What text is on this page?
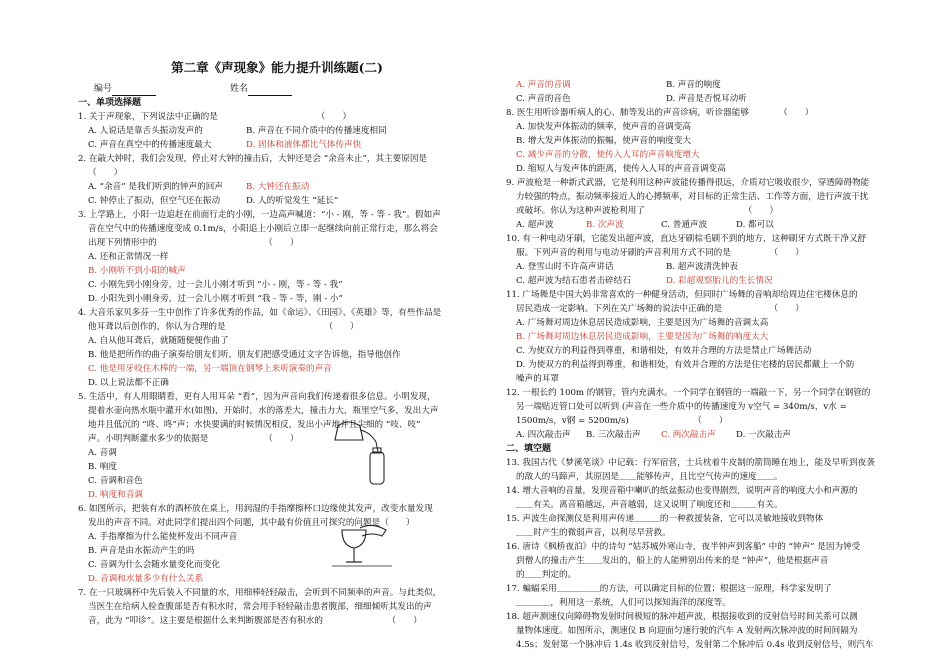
第二章《声现象》能力提升训练题(二)
编号	姓名
一、单项选择题
1. 关于声现象，下列说法中正确的是　　　　　　　　　　　　（　　）
A. 人说话是靠舌头振动发声的	B. 声音在不同介质中的传播速度相同
C. 声音在真空中的传播速度最大	D. 固体和液体都比气体传声快
2. 在敲大钟时，我们会发现，停止对大钟的撞击后，大钟还是会 “余音未止”，其主要原因是
（　　）
A. “余音” 是我们听到的钟声的回声	B. 大钟还在振动
C. 钟停止了振动，但空气还在振动	D. 人的听觉发生 “延长”
3. 上学路上，小阳一边追赶在前面行走的小刚，一边高声喊道：“小 - 刚，等 - 等 - 我”。假如声
音在空气中的传播速度变成 0.1m/s，小阳追上小刚后立即一起继续向前正常行走，那么将会
出现下列情形中的　　　　　　　　　　　　　（　　）
A. 还和正常情况一样
B. 小刚听不到小阳的喊声
C. 小刚先到小刚身旁，过一会儿小刚才听到 “小 - 刚，等 - 等 - 我”
D. 小阳先到小刚身旁，过一会儿小刚才听到 “我 - 等 - 等，刚 - 小”
4. 大音乐家贝多芬一生中创作了许多优秀的作品，如《命运》、《田园》、《英雄》等，有些作品是
他耳聋以后创作的，你认为合理的是　　　　　　　　　　　　（　　）
A. 自从他耳聋后，就随随便便作曲了
B. 他是把所作的曲子演奏给朋友们听，朋友们把感受通过文字告诉他，指导他创作
C. 他是用牙咬住木棒的一端，另一端顶在钢琴上来听演奏的声音
D. 以上说法都不正确
5. 生活中，有人用眼睛看，更有人用耳朵 “看”，因为声音向我们传递着很多信息。小明发现，
提着水壶向热水瓶中灌开水(如图)，开始时，水的落差大，撞击力大，瓶里空气多，发出大声
地并且低沉的 “咚、咚”声；水快要满的时候情况相反，发出小声地并且尖细的 “吱、吱”
声。小明判断灌水多少的依据是　　　　　　　（　　）
A. 音调
B. 响度
C. 音调和音色
D. 响度和音调
6. 如图所示，把装有水的酒杯放在桌上，用润湿的手指摩擦杯口边缘使其发声，改变水量发现
发出的声音不同。对此同学们提出四个问题，其中最有价值且可探究的问题是（　　）
A. 手指摩擦为什么能使杯发出不同声音
B. 声音是由水振动产生的吗
C. 音调为什么会随水量变化而变化
D. 音调和水量多少有什么关系
7. 在一只玻璃杯中先后装入不同量的水，用细棒轻轻敲击，会听到不同频率的声音。与此类似，
当医生在给病人检查腹部是否有积水时，常会用手轻轻敲击患者腹部，细细倾听其发出的声
音，此为 “叩诊”。这主要是根据什么来判断腹部是否有积水的　　　　　　　　（　　）
A. 声音的音调	B. 声音的响度
C. 声音的音色	D. 声音是否悦耳动听
8. 医生用听诊器听病人的心、肺等发出的声音诊病，听诊器能够　　　　（　　）
A. 加快发声体振动的频率，使声音的音调变高
B. 增大发声体振动的振幅，使声音的响度变大
C. 减少声音的分散，使传入人耳的声音响度增大
D. 缩短人与发声体的距离，使传入人耳的声音音调变高
9. 声波枪是一种新式武器，它是利用这种声波能传播得很远，介质对它吸收很少，穿透障碍物能
力较强的特点，振动频率接近人的心搏频率，对目标的正常生活、工作等方面，进行声波干扰
或破坏。你认为这种声波枪利用了　　　　　　　　　　　　（　　）
A. 超声波	B. 次声波	C. 普通声波	D. 都可以
10. 有一种电动牙刷，它能发出超声波，直达牙刷棕毛刷不到的地方，这种刷牙方式既干净又舒
服。下列声音的利用与电动牙刷的声音利用方式不同的是　　　　　（　　）
A. 登雪山时不许高声讲话	B. 超声波清洗钟表
C. 超声波为结石患者击碎结石	D. 彩超观察胎儿的生长情况
11. 广场舞是中国大妈非常喜欢的一种健身活动，但同时广场舞的音响却给周边住宅楼休息的
居民造成一定影响。下列在关广场舞的说法中正确的是　　　　　　（　　）
A. 广场舞对周边休息居民造成影响，主要是因为广场舞的音调太高
B. 广场舞对周边休息居民造成影响，主要是因为广场舞的响度太大
C. 为使双方的利益得到尊重，和谐相处，有效并合理的方法是禁止广场舞活动
D. 为使双方的利益得到尊重，和谐相处，有效并合理的方法是住宅楼的居民都戴上一个防
噪声的耳罩
12. 一根长约 100m 的钢管，管内充满水。一个同学在钢管的一端敲一下，另一个同学在钢管的
另一端贴近管口处可以听到 (声音在一些介质中的传播速度为 v空气 = 340m/s，v水 =
1500m/s，v钢 = 5200m/s)　　　　　　　　（　　）
A. 四次敲击声	B. 三次敲击声	C. 两次敲击声	D. 一次敲击声
二、填空题
13. 我国古代《梦溪笔谈》中记载：行军宿营，士兵枕着牛皮制的箭筒睡在地上，能及早听到夜袭
的敌人的马蹄声，其原因是＿＿能够传声，且比空气传声的速度＿＿。
14. 增大音响的音量，发现音箱中喇叭的纸盆振动也变得剧烈，说明声音的响度大小和声源的
＿＿有关。离音箱越远，声音越弱，这又说明了响度还和＿＿＿有关。
15. 声波生命探测仪是利用声传递＿＿＿的一种救援装备，它可以灵敏地接收到物体
＿＿时产生的微弱声音，以利尽早营救。
16. 唐诗《枫桥夜泊》中的诗句 “姑苏城外寒山寺，夜半钟声到客船” 中的 “钟声” 是因为钟受
到僧人的撞击产生＿＿发出的，船上的人能辨别出传来的是 “钟声”，他是根据声音
的＿＿判定的。
17. 蝙蝠采用＿＿＿＿＿的方法，可以确定目标的位置；根据这一原理，科学家发明了
＿＿＿＿，利用这一系统，人们可以探知海洋的深度等。
18. 超声测速仪向障碍物发射时间极短的脉冲超声波，根据接收到的反射信号时间关系可以测
量物体速度。如图所示，测速仪 B 向迎面匀速行驶的汽车 A 发射两次脉冲波的时间间隔为
4.5s；发射第一个脉冲后 1.4s 收到反射信号，发射第二个脉冲后 0.4s 收到反射信号，则汽车
